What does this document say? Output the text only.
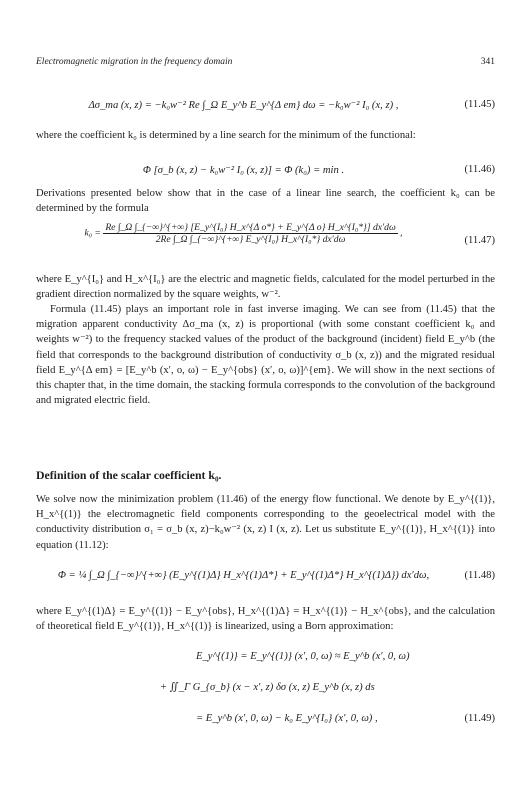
Electromagnetic migration in the frequency domain	341
Δσ_ma (x, z) = −k₀w⁻² Re ∫_Ω E_y^b E_y^{Δ em} dω = −k₀w⁻² I₀ (x, z) ,	(11.45)

where the coefficient k₀ is determined by a line search for the minimum of the functional:

Φ [σ_b (x, z) − k₀w⁻² I₀ (x, z)] = Φ (k₀) = min .	(11.46)

Derivations presented below show that in the case of a linear line search, the coefficient k₀ can be determined by the formula

k₀ =
Re ∫_Ω ∫_{−∞}^{+∞} [E_y^{I₀} H_x^{Δ o*} + E_y^{Δ o} H_x^{I₀*}] dx′dω
2Re ∫_Ω ∫_{−∞}^{+∞} E_y^{I₀} H_x^{I₀*} dx′dω
,
(11.47)

where E_y^{I₀} and H_x^{I₀} are the electric and magnetic fields, calculated for the model perturbed in the gradient direction normalized by the square weights, w⁻².

Formula (11.45) plays an important role in fast inverse imaging. We can see from (11.45) that the migration apparent conductivity Δσ_ma (x, z) is proportional (with some constant coefficient k₀ and weights w⁻²) to the frequency stacked values of the product of the background (incident) field E_y^b (the field that corresponds to the background distribution of conductivity σ_b (x, z)) and the migrated residual field E_y^{Δ em} = [E_y^b (x′, o, ω) − E_y^{obs} (x′, o, ω)]^{em}. We will show in the next sections of this chapter that, in the time domain, the stacking formula corresponds to the convolution of the background and migrated electric field.

Definition of the scalar coefficient k₀.

We solve now the minimization problem (11.46) of the energy flow functional. We denote by E_y^{(1)}, H_x^{(1)} the electromagnetic field components corresponding to the geoelectrical model with the conductivity distribution σ₁ = σ_b (x, z)−k₀w⁻² (x, z) I (x, z). Let us substitute E_y^{(1)}, H_x^{(1)} into equation (11.12):

Φ = ¼ ∫_Ω ∫_{−∞}^{+∞} (E_y^{(1)Δ} H_x^{(1)Δ*} + E_y^{(1)Δ*} H_x^{(1)Δ}) dx′dω,	(11.48)

where E_y^{(1)Δ} = E_y^{(1)} − E_y^{obs}, H_x^{(1)Δ} = H_x^{(1)} − H_x^{obs}, and the calculation of theoretical field E_y^{(1)}, H_x^{(1)} is linearized, using a Born approximation:

E_y^{(1)} = E_y^{(1)} (x′, 0, ω) ≈ E_y^b (x′, 0, ω)
+ ∬_Γ G_{σ_b} (x − x′, z) δσ (x, z) E_y^b (x, z) ds
= E_y^b (x′, 0, ω) − k₀ E_y^{I₀} (x′, 0, ω) ,	(11.49)
